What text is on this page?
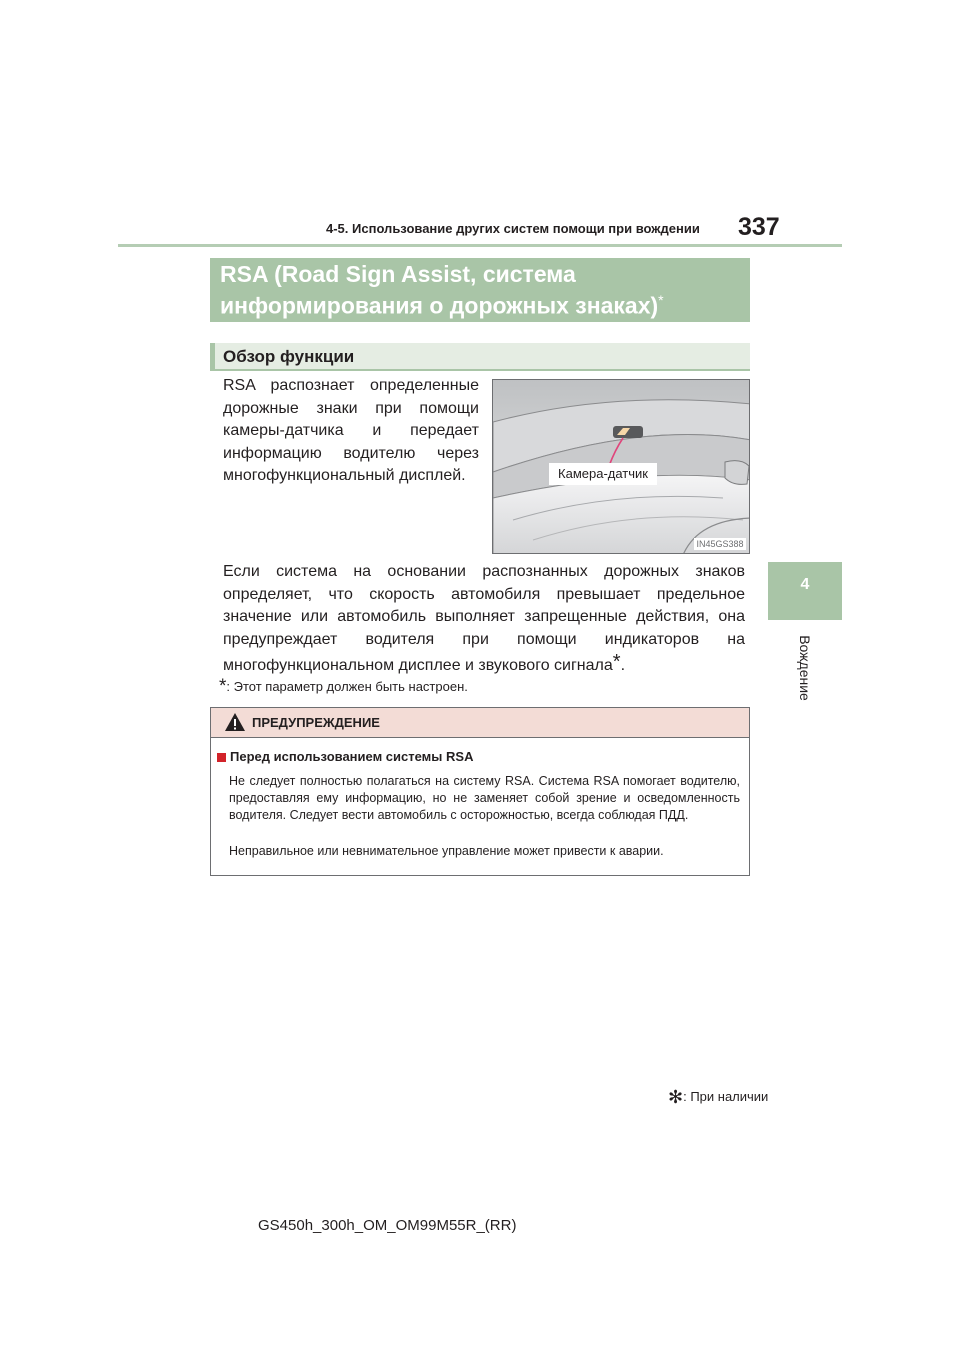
4-5. Использование других систем помощи при вождении 337
4
Вождение
RSA (Road Sign Assist, система
информирования о дорожных знаках)*
Обзор функции
RSA распознает определенные дорожные знаки при помощи камеры-датчика и передает информацию водителю через многофункциональный дисплей.	Камера-датчик
IN45GS388
Если система на основании распознанных дорожных знаков определяет, что скорость автомобиля превышает предельное значение или автомобиль выполняет запрещенные действия, она предупреждает водителя при помощи индикаторов на многофункциональном дисплее и звукового сигнала*.
*: Этот параметр должен быть настроен.
ПРЕДУПРЕЖДЕНИЕ
Перед использованием системы RSA
Не следует полностью полагаться на систему RSA. Система RSA помогает водителю, предоставляя ему информацию, но не заменяет собой зрение и осведомленность водителя. Следует вести автомобиль с осторожностью, всегда соблюдая ПДД.
Неправильное или невнимательное управление может привести к аварии.
✻: При наличии
GS450h_300h_OM_OM99M55R_(RR)
